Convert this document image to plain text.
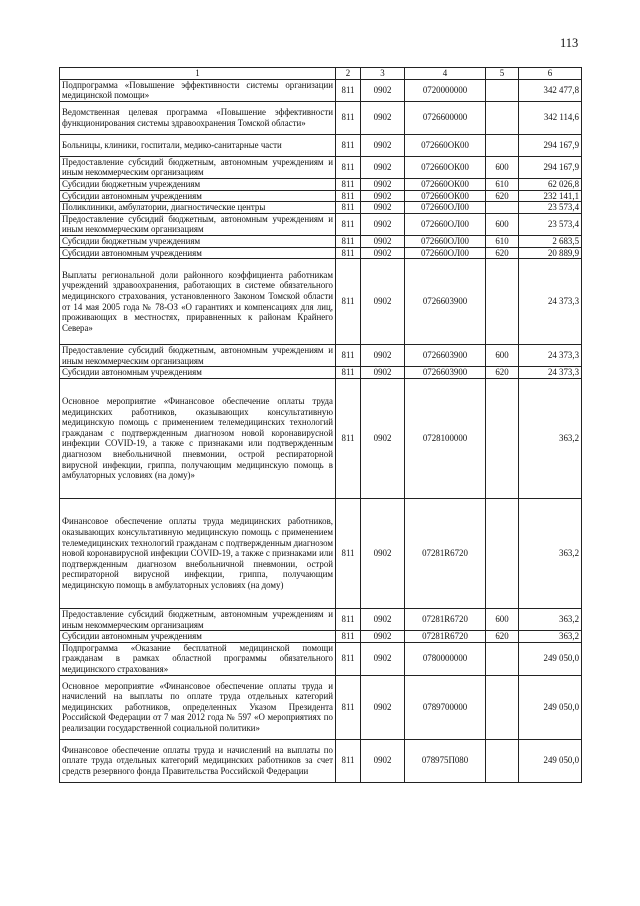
113
1	2	3	4	5	6
Подпрограмма «Повышение эффективности системы организации медицинской помощи»	811	0902	0720000000		342 477,8
Ведомственная целевая программа «Повышение эффективности функционирования системы здравоохранения Томской области»	811	0902	0726600000		342 114,6
Больницы, клиники, госпитали, медико-санитарные части	811	0902	072660OК00		294 167,9
Предоставление субсидий бюджетным, автономным учреждениям и иным некоммерческим организациям	811	0902	072660OК00	600	294 167,9
Субсидии бюджетным учреждениям	811	0902	072660OК00	610	62 026,8
Субсидии автономным учреждениям	811	0902	072660OК00	620	232 141,1
Поликлиники, амбулатории, диагностические центры	811	0902	072660OЛ00		23 573,4
Предоставление субсидий бюджетным, автономным учреждениям и иным некоммерческим организациям	811	0902	072660OЛ00	600	23 573,4
Субсидии бюджетным учреждениям	811	0902	072660OЛ00	610	2 683,5
Субсидии автономным учреждениям	811	0902	072660OЛ00	620	20 889,9
Выплаты региональной доли районного коэффициента работникам учреждений здравоохранения, работающих в системе обязательного медицинского страхования, установленного Законом Томской области от 14 мая 2005 года № 78-ОЗ «О гарантиях и компенсациях для лиц, проживающих в местностях, приравненных к районам Крайнего Севера»	811	0902	0726603900		24 373,3
Предоставление субсидий бюджетным, автономным учреждениям и иным некоммерческим организациям	811	0902	0726603900	600	24 373,3
Субсидии автономным учреждениям	811	0902	0726603900	620	24 373,3
Основное мероприятие «Финансовое обеспечение оплаты труда медицинских работников, оказывающих консультативную медицинскую помощь с применением телемедицинских технологий гражданам с подтвержденным диагнозом новой коронавирусной инфекции COVID-19, а также с признаками или подтвержденным диагнозом внебольничной пневмонии, острой респираторной вирусной инфекции, гриппа, получающим медицинскую помощь в амбулаторных условиях (на дому)»	811	0902	0728100000		363,2
Финансовое обеспечение оплаты труда медицинских работников, оказывающих консультативную медицинскую помощь с применением телемедицинских технологий гражданам с подтвержденным диагнозом новой коронавирусной инфекции COVID-19, а также с признаками или подтвержденным диагнозом внебольничной пневмонии, острой респираторной вирусной инфекции, гриппа, получающим медицинскую помощь в амбулаторных условиях (на дому)	811	0902	07281R6720		363,2
Предоставление субсидий бюджетным, автономным учреждениям и иным некоммерческим организациям	811	0902	07281R6720	600	363,2
Субсидии автономным учреждениям	811	0902	07281R6720	620	363,2
Подпрограмма «Оказание бесплатной медицинской помощи гражданам в рамках областной программы обязательного медицинского страхования»	811	0902	0780000000		249 050,0
Основное мероприятие «Финансовое обеспечение оплаты труда и начислений на выплаты по оплате труда отдельных категорий медицинских работников, определенных Указом Президента Российской Федерации от 7 мая 2012 года № 597 «О мероприятиях по реализации государственной социальной политики»	811	0902	0789700000		249 050,0
Финансовое обеспечение оплаты труда и начислений на выплаты по оплате труда отдельных категорий медицинских работников за счет средств резервного фонда Правительства Российской Федерации	811	0902	078975П080		249 050,0
